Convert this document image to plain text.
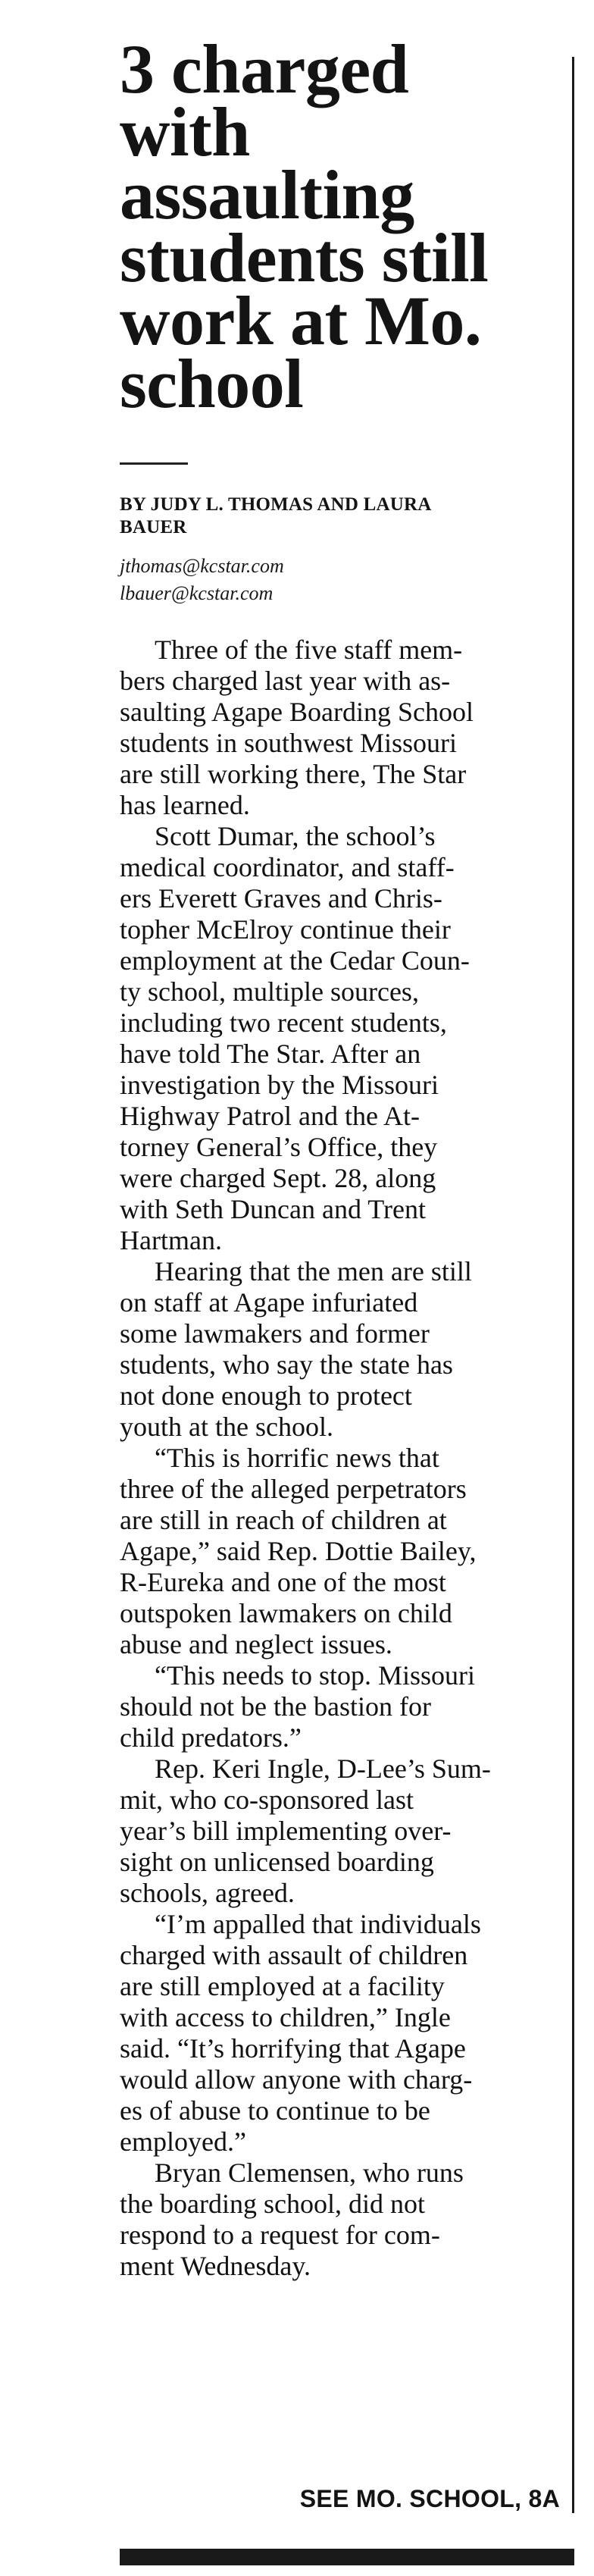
3 charged
with
assaulting
students still
work at Mo.
school
BY JUDY L. THOMAS AND LAURA
BAUER
jthomas@kcstar.com
lbauer@kcstar.com

Three of the five staff mem-
bers charged last year with as-
saulting Agape Boarding School
students in southwest Missouri
are still working there, The Star
has learned.

Scott Dumar, the school’s
medical coordinator, and staff-
ers Everett Graves and Chris-
topher McElroy continue their
employment at the Cedar Coun-
ty school, multiple sources,
including two recent students,
have told The Star. After an
investigation by the Missouri
Highway Patrol and the At-
torney General’s Office, they
were charged Sept. 28, along
with Seth Duncan and Trent
Hartman.

Hearing that the men are still
on staff at Agape infuriated
some lawmakers and former
students, who say the state has
not done enough to protect
youth at the school.

“This is horrific news that
three of the alleged perpetrators
are still in reach of children at
Agape,” said Rep. Dottie Bailey,
R-Eureka and one of the most
outspoken lawmakers on child
abuse and neglect issues.

“This needs to stop. Missouri
should not be the bastion for
child predators.”

Rep. Keri Ingle, D-Lee’s Sum-
mit, who co-sponsored last
year’s bill implementing over-
sight on unlicensed boarding
schools, agreed.

“I’m appalled that individuals
charged with assault of children
are still employed at a facility
with access to children,” Ingle
said. “It’s horrifying that Agape
would allow anyone with charg-
es of abuse to continue to be
employed.”

Bryan Clemensen, who runs
the boarding school, did not
respond to a request for com-
ment Wednesday.

SEE MO. SCHOOL, 8A
